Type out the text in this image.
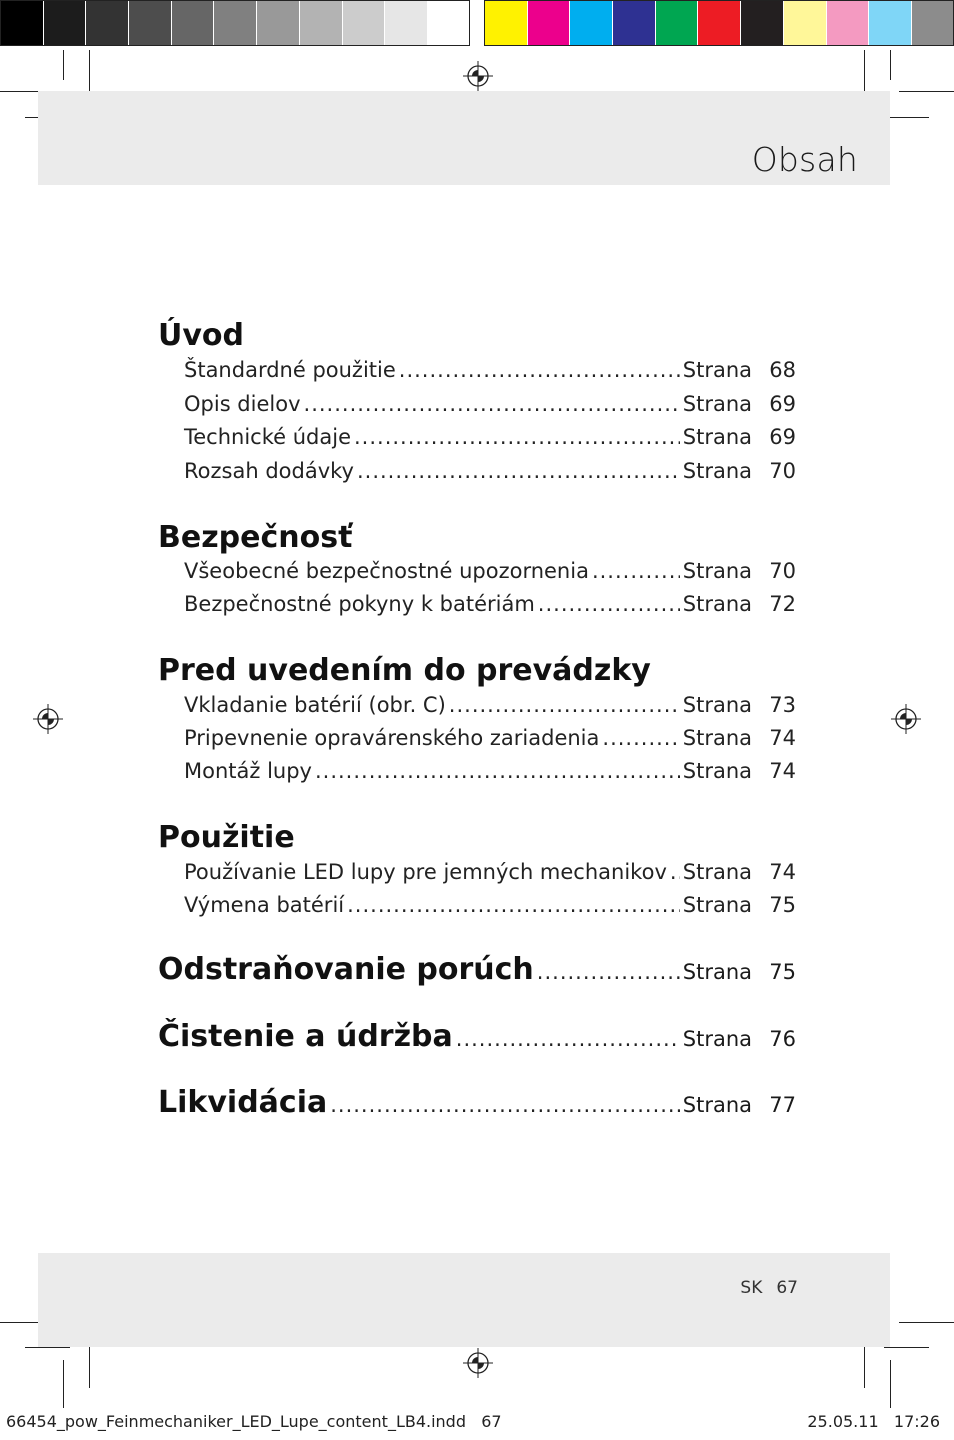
Obsah
Úvod
Štandardné použitie .....	Strana 68
Opis dielov .....	Strana 69
Technické údaje .....	Strana 69
Rozsah dodávky .....	Strana 70
Bezpečnosť
Všeobecné bezpečnostné upozornenia .....	Strana 70
Bezpečnostné pokyny k batériám .....	Strana 72
Pred uvedením do prevádzky
Vkladanie batérií (obr. C) .....	Strana 73
Pripevnenie opravárenského zariadenia .....	Strana 74
Montáž lupy .....	Strana 74
Použitie
Používanie LED lupy pre jemných mechanikov ..... Strana 74
Výmena batérií .....	Strana 75
Odstraňovanie porúch .....	Strana 75
Čistenie a údržba .....	Strana 76
Likvidácia .....	Strana 77
SK 67
66454_pow_Feinmechaniker_LED_Lupe_content_LB4.indd   67	25.05.11   17:26
